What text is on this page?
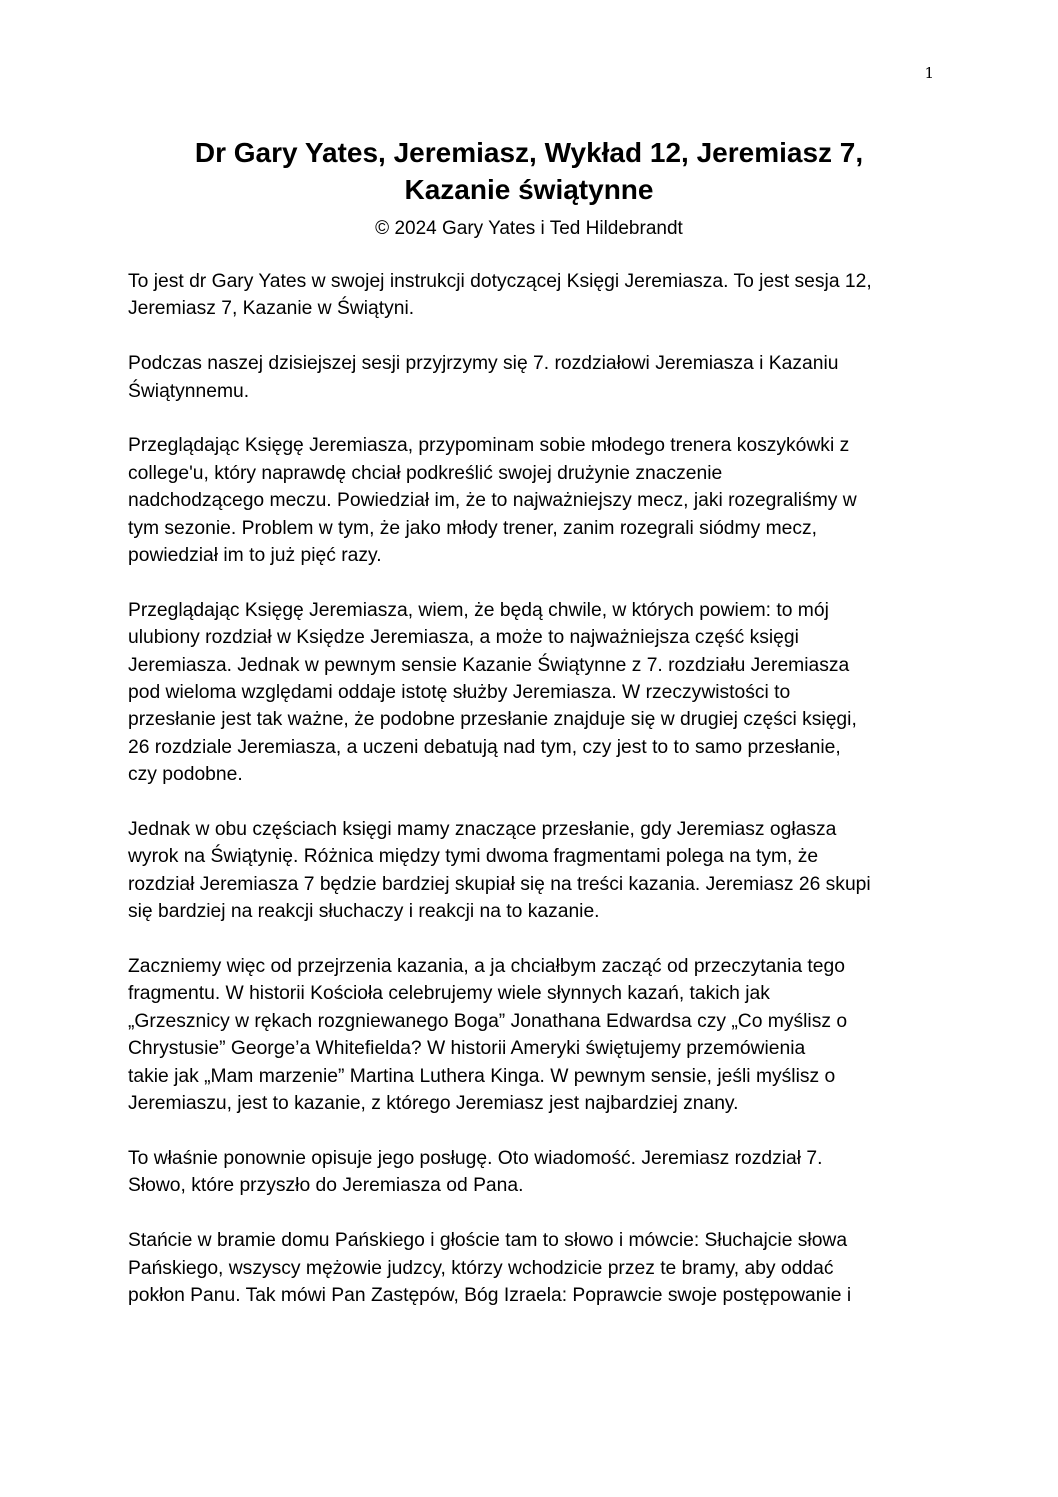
1
Dr Gary Yates, Jeremiasz, Wykład 12, Jeremiasz 7,
Kazanie świątynne
© 2024 Gary Yates i Ted Hildebrandt

To jest dr Gary Yates w swojej instrukcji dotyczącej Księgi Jeremiasza. To jest sesja 12,
Jeremiasz 7, Kazanie w Świątyni.

Podczas naszej dzisiejszej sesji przyjrzymy się 7. rozdziałowi Jeremiasza i Kazaniu
Świątynnemu.

Przeglądając Księgę Jeremiasza, przypominam sobie młodego trenera koszykówki z
college'u, który naprawdę chciał podkreślić swojej drużynie znaczenie
nadchodzącego meczu. Powiedział im, że to najważniejszy mecz, jaki rozegraliśmy w
tym sezonie. Problem w tym, że jako młody trener, zanim rozegrali siódmy mecz,
powiedział im to już pięć razy.

Przeglądając Księgę Jeremiasza, wiem, że będą chwile, w których powiem: to mój
ulubiony rozdział w Księdze Jeremiasza, a może to najważniejsza część księgi
Jeremiasza. Jednak w pewnym sensie Kazanie Świątynne z 7. rozdziału Jeremiasza
pod wieloma względami oddaje istotę służby Jeremiasza. W rzeczywistości to
przesłanie jest tak ważne, że podobne przesłanie znajduje się w drugiej części księgi,
26 rozdziale Jeremiasza, a uczeni debatują nad tym, czy jest to to samo przesłanie,
czy podobne.

Jednak w obu częściach księgi mamy znaczące przesłanie, gdy Jeremiasz ogłasza
wyrok na Świątynię. Różnica między tymi dwoma fragmentami polega na tym, że
rozdział Jeremiasza 7 będzie bardziej skupiał się na treści kazania. Jeremiasz 26 skupi
się bardziej na reakcji słuchaczy i reakcji na to kazanie.

Zaczniemy więc od przejrzenia kazania, a ja chciałbym zacząć od przeczytania tego
fragmentu. W historii Kościoła celebrujemy wiele słynnych kazań, takich jak
„Grzesznicy w rękach rozgniewanego Boga” Jonathana Edwardsa czy „Co myślisz o
Chrystusie” George’a Whitefielda? W historii Ameryki świętujemy przemówienia
takie jak „Mam marzenie” Martina Luthera Kinga. W pewnym sensie, jeśli myślisz o
Jeremiaszu, jest to kazanie, z którego Jeremiasz jest najbardziej znany.

To właśnie ponownie opisuje jego posługę. Oto wiadomość. Jeremiasz rozdział 7.
Słowo, które przyszło do Jeremiasza od Pana.

Stańcie w bramie domu Pańskiego i głoście tam to słowo i mówcie: Słuchajcie słowa
Pańskiego, wszyscy mężowie judzcy, którzy wchodzicie przez te bramy, aby oddać
pokłon Panu. Tak mówi Pan Zastępów, Bóg Izraela: Poprawcie swoje postępowanie i
